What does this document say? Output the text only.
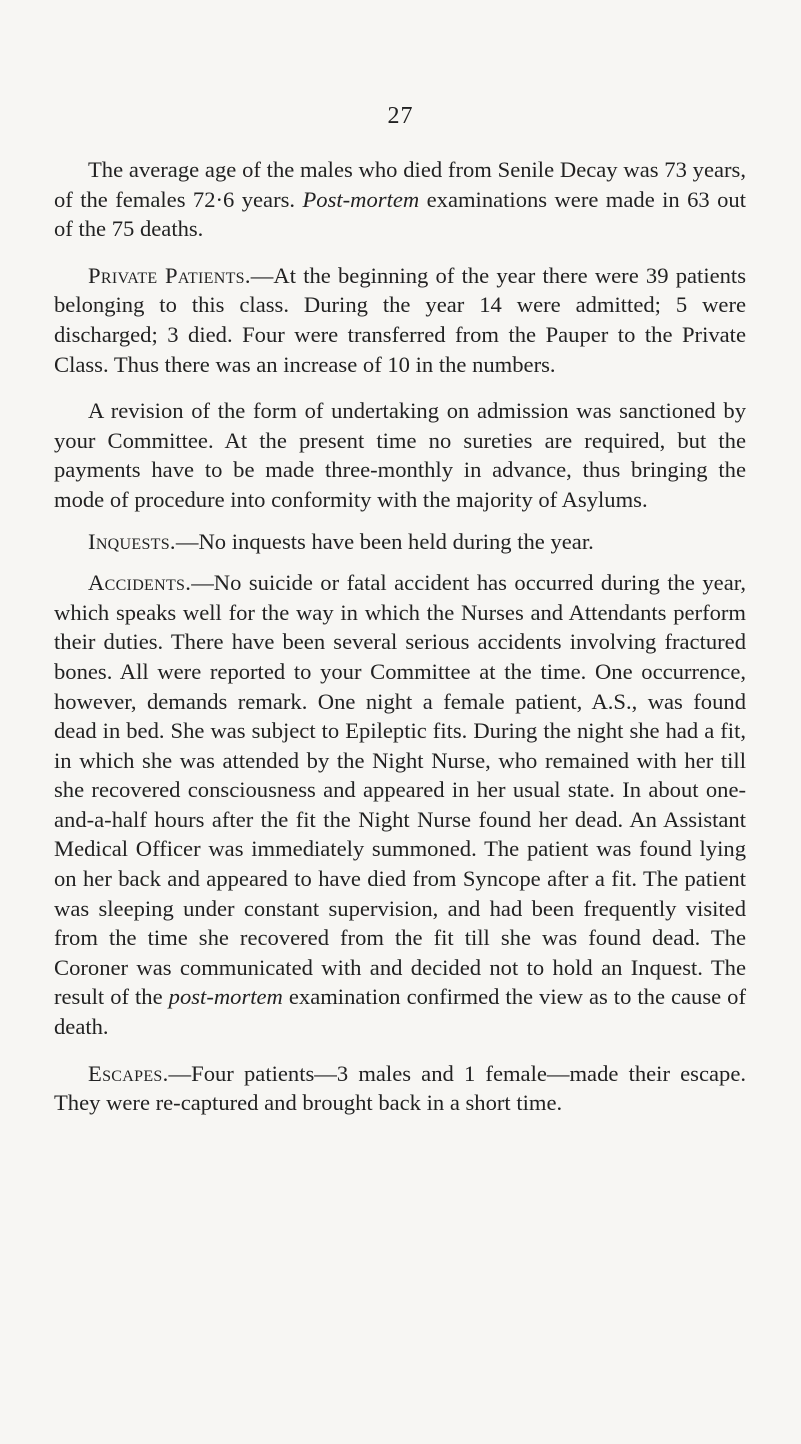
27

The average age of the males who died from Senile Decay was 73 years, of the females 72·6 years. Post-mortem examinations were made in 63 out of the 75 deaths.

Private Patients.—At the beginning of the year there were 39 patients belonging to this class. During the year 14 were admitted; 5 were discharged; 3 died. Four were transferred from the Pauper to the Private Class. Thus there was an increase of 10 in the numbers.

A revision of the form of undertaking on admission was sanctioned by your Committee. At the present time no sureties are required, but the payments have to be made three-monthly in advance, thus bringing the mode of procedure into conformity with the majority of Asylums.

Inquests.—No inquests have been held during the year.

Accidents.—No suicide or fatal accident has occurred during the year, which speaks well for the way in which the Nurses and Attendants perform their duties. There have been several serious accidents involving fractured bones. All were reported to your Committee at the time. One occurrence, however, demands remark. One night a female patient, A.S., was found dead in bed. She was subject to Epileptic fits. During the night she had a fit, in which she was attended by the Night Nurse, who remained with her till she recovered consciousness and appeared in her usual state. In about one-and-a-half hours after the fit the Night Nurse found her dead. An Assistant Medical Officer was immediately summoned. The patient was found lying on her back and appeared to have died from Syncope after a fit. The patient was sleeping under constant supervision, and had been frequently visited from the time she recovered from the fit till she was found dead. The Coroner was communicated with and decided not to hold an Inquest. The result of the post-mortem examination confirmed the view as to the cause of death.

Escapes.—Four patients—3 males and 1 female—made their escape. They were re-captured and brought back in a short time.
